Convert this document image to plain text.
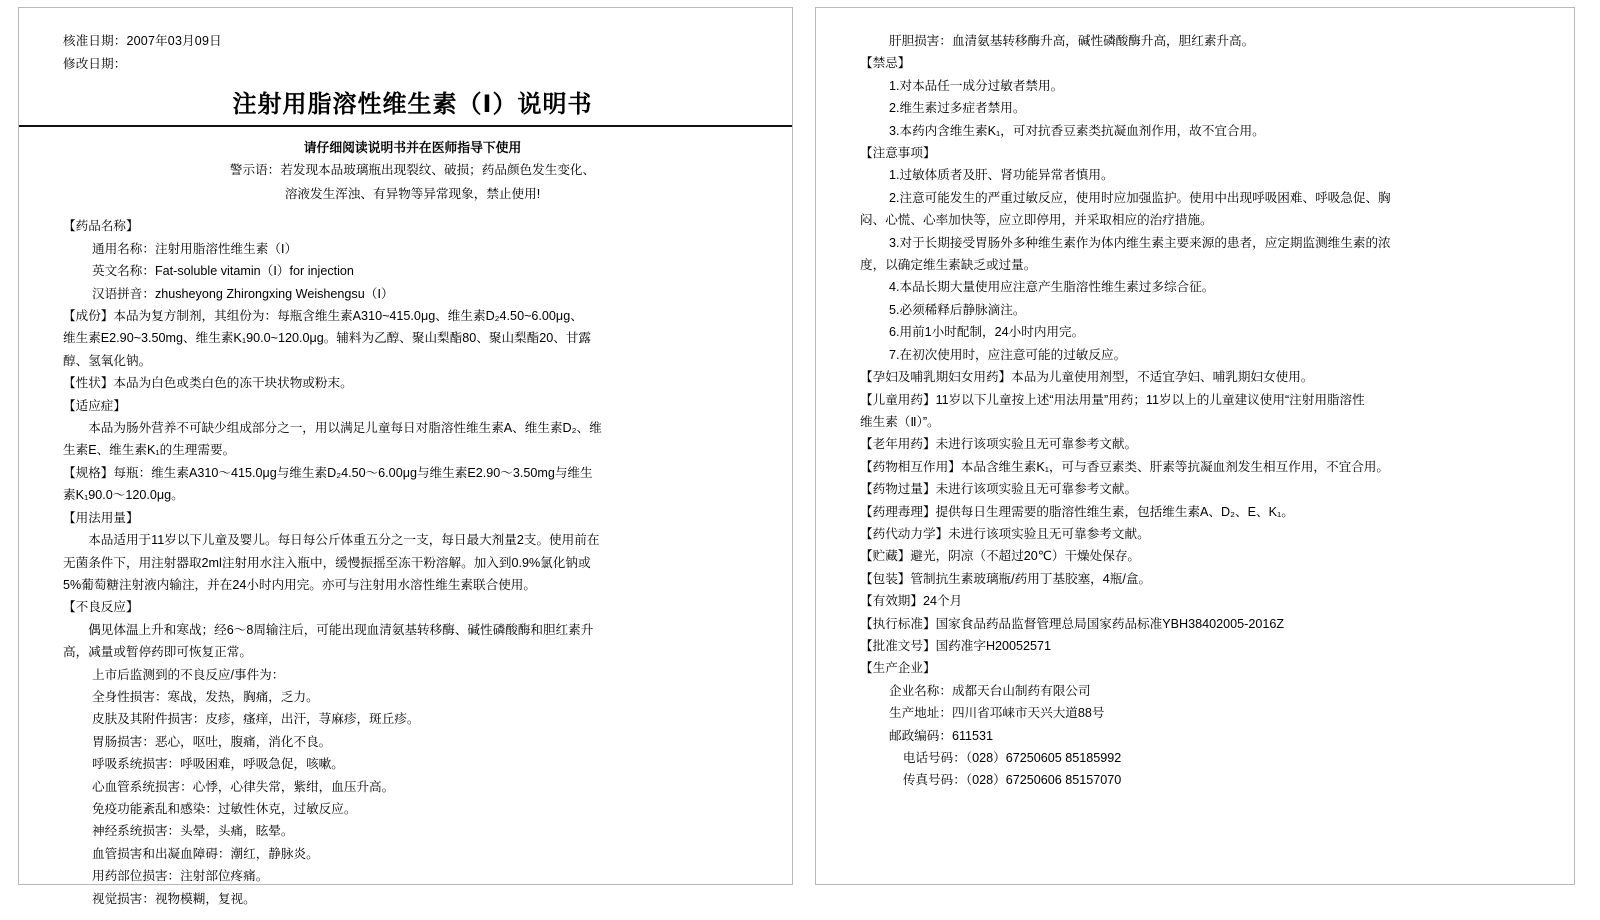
核准日期：2007年03月09日
修改日期：
注射用脂溶性维生素（Ⅰ）说明书
请仔细阅读说明书并在医师指导下使用
警示语：若发现本品玻璃瓶出现裂纹、破损；药品颜色发生变化、
溶液发生浑浊、有异物等异常现象，禁止使用!
【药品名称】
通用名称：注射用脂溶性维生素（Ⅰ）
英文名称：Fat-soluble vitamin（Ⅰ）for injection
汉语拼音：zhusheyong Zhirongxing Weishengsu（Ⅰ）
【成份】本品为复方制剂，其组份为：每瓶含维生素A310~415.0μg、维生素D₂4.50~6.00μg、
维生素E2.90~3.50mg、维生素K₁90.0~120.0μg。辅料为乙醇、聚山梨酯80、聚山梨酯20、甘露
醇、氢氧化钠。
【性状】本品为白色或类白色的冻干块状物或粉末。
【适应症】
本品为肠外营养不可缺少组成部分之一，用以满足儿童每日对脂溶性维生素A、维生素D₂、维
生素E、维生素K₁的生理需要。
【规格】每瓶：维生素A310～415.0μg与维生素D₂4.50～6.00μg与维生素E2.90～3.50mg与维生
素K₁90.0～120.0μg。
【用法用量】
本品适用于11岁以下儿童及婴儿。每日每公斤体重五分之一支，每日最大剂量2支。使用前在
无菌条件下，用注射器取2ml注射用水注入瓶中，缓慢振摇至冻干粉溶解。加入到0.9%氯化钠或
5%葡萄糖注射液内输注，并在24小时内用完。亦可与注射用水溶性维生素联合使用。
【不良反应】
偶见体温上升和寒战；经6～8周输注后，可能出现血清氨基转移酶、碱性磷酸酶和胆红素升
高，减量或暂停药即可恢复正常。
上市后监测到的不良反应/事件为：
全身性损害：寒战，发热，胸痛，乏力。
皮肤及其附件损害：皮疹，瘙痒，出汗，荨麻疹，斑丘疹。
胃肠损害：恶心，呕吐，腹痛，消化不良。
呼吸系统损害：呼吸困难，呼吸急促，咳嗽。
心血管系统损害：心悸，心律失常，紫绀，血压升高。
免疫功能紊乱和感染：过敏性休克，过敏反应。
神经系统损害：头晕，头痛，眩晕。
血管损害和出凝血障碍：潮红，静脉炎。
用药部位损害：注射部位疼痛。
视觉损害：视物模糊，复视。
肝胆损害：血清氨基转移酶升高，碱性磷酸酶升高，胆红素升高。
【禁忌】
1.对本品任一成分过敏者禁用。
2.维生素过多症者禁用。
3.本药内含维生素K₁，可对抗香豆素类抗凝血剂作用，故不宜合用。
【注意事项】
1.过敏体质者及肝、肾功能异常者慎用。
2.注意可能发生的严重过敏反应，使用时应加强监护。使用中出现呼吸困难、呼吸急促、胸
闷、心慌、心率加快等，应立即停用，并采取相应的治疗措施。
3.对于长期接受胃肠外多种维生素作为体内维生素主要来源的患者，应定期监测维生素的浓
度，以确定维生素缺乏或过量。
4.本品长期大量使用应注意产生脂溶性维生素过多综合征。
5.必须稀释后静脉滴注。
6.用前1小时配制，24小时内用完。
7.在初次使用时，应注意可能的过敏反应。
【孕妇及哺乳期妇女用药】本品为儿童使用剂型，不适宜孕妇、哺乳期妇女使用。
【儿童用药】11岁以下儿童按上述“用法用量”用药；11岁以上的儿童建议使用“注射用脂溶性
维生素（Ⅱ）”。
【老年用药】未进行该项实验且无可靠参考文献。
【药物相互作用】本品含维生素K₁，可与香豆素类、肝素等抗凝血剂发生相互作用，不宜合用。
【药物过量】未进行该项实验且无可靠参考文献。
【药理毒理】提供每日生理需要的脂溶性维生素，包括维生素A、D₂、E、K₁。
【药代动力学】未进行该项实验且无可靠参考文献。
【贮藏】避光，阴凉（不超过20℃）干燥处保存。
【包装】管制抗生素玻璃瓶/药用丁基胶塞，4瓶/盒。
【有效期】24个月
【执行标准】国家食品药品监督管理总局国家药品标准YBH38402005-2016Z
【批准文号】国药准字H20052571
【生产企业】
企业名称：成都天台山制药有限公司
生产地址：四川省邛崃市天兴大道88号
邮政编码：611531
电话号码：（028）67250605 85185992
传真号码：（028）67250606 85157070
